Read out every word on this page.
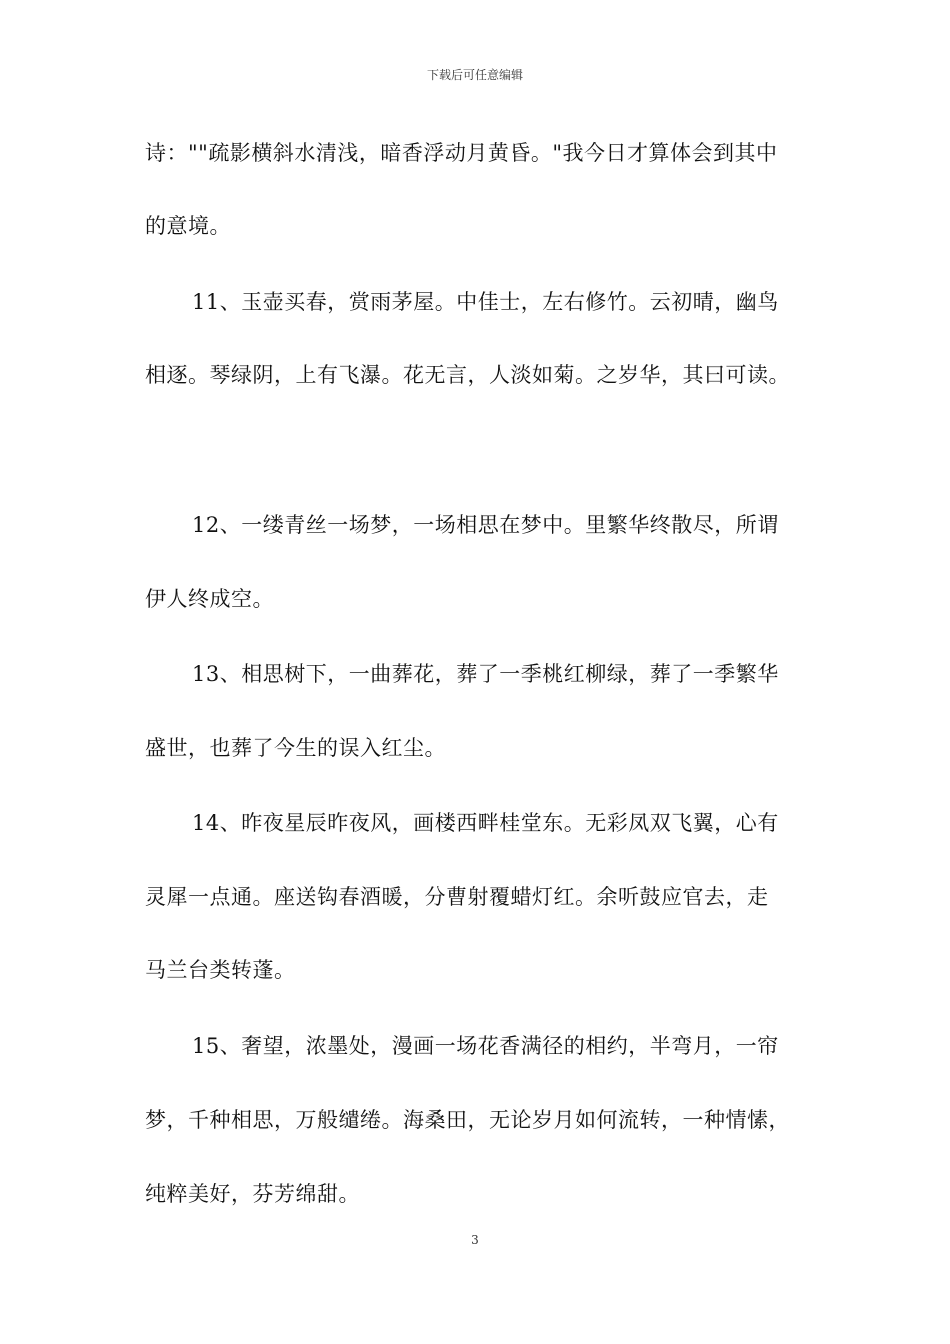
下载后可任意编辑
诗：""疏影横斜水清浅，暗香浮动月黄昏。"我今日才算体会到其中
的意境。
11、玉壶买春，赏雨茅屋。中佳士，左右修竹。云初晴，幽鸟
相逐。琴绿阴，上有飞瀑。花无言，人淡如菊。之岁华，其曰可读。
12、一缕青丝一场梦，一场相思在梦中。里繁华终散尽，所谓
伊人终成空。
13、相思树下，一曲葬花，葬了一季桃红柳绿，葬了一季繁华
盛世，也葬了今生的误入红尘。
14、昨夜星辰昨夜风，画楼西畔桂堂东。无彩凤双飞翼，心有
灵犀一点通。座送钩春酒暖，分曹射覆蜡灯红。余听鼓应官去，走
马兰台类转蓬。
15、奢望，浓墨处，漫画一场花香满径的相约，半弯月，一帘
梦，千种相思，万般缱绻。海桑田，无论岁月如何流转，一种情愫，
纯粹美好，芬芳绵甜。
3
